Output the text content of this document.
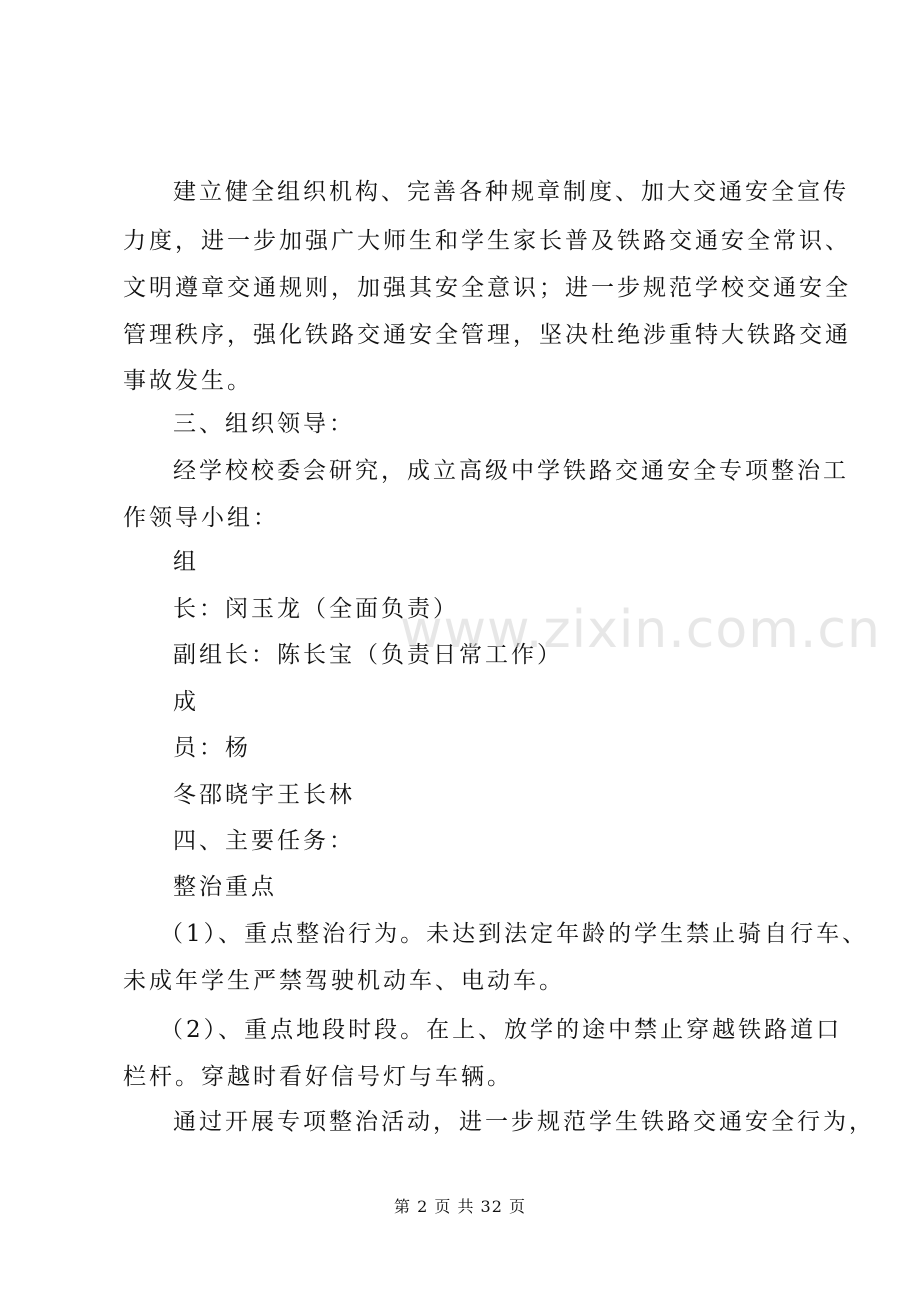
建立健全组织机构、完善各种规章制度、加大交通安全宣传
力度，进一步加强广大师生和学生家长普及铁路交通安全常识、
文明遵章交通规则，加强其安全意识；进一步规范学校交通安全
管理秩序，强化铁路交通安全管理，坚决杜绝涉重特大铁路交通
事故发生。
三、组织领导：
经学校校委会研究，成立高级中学铁路交通安全专项整治工
作领导小组：
组
长：闵玉龙（全面负责）
副组长：陈长宝（负责日常工作）
成
员：杨
冬邵晓宇王长林
四、主要任务：
整治重点
（1）、重点整治行为。未达到法定年龄的学生禁止骑自行车、
未成年学生严禁驾驶机动车、电动车。
（2）、重点地段时段。在上、放学的途中禁止穿越铁路道口
栏杆。穿越时看好信号灯与车辆。
通过开展专项整治活动，进一步规范学生铁路交通安全行为，
www.zixin.com.cn
第 2 页 共 32 页
